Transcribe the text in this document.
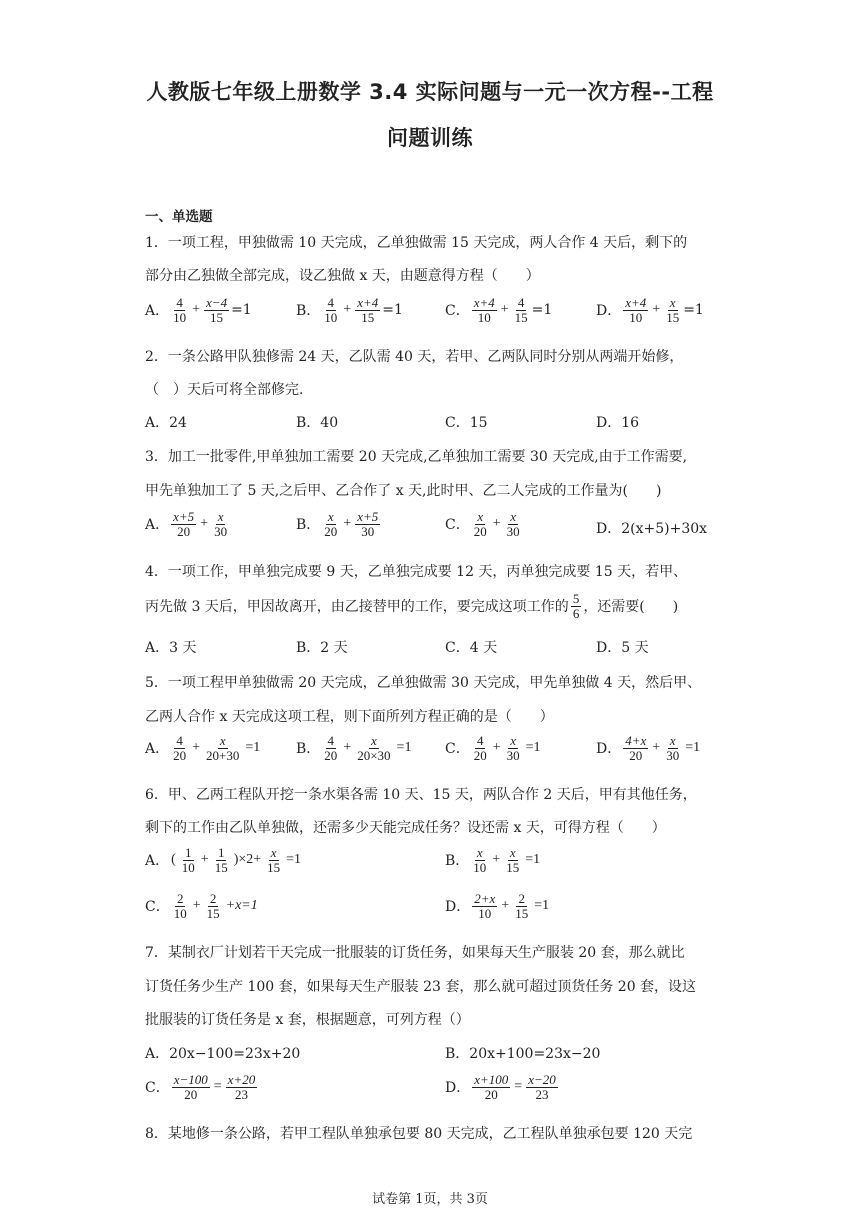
人教版七年级上册数学 3.4 实际问题与一元一次方程--工程
问题训练
一、单选题
1．一项工程，甲独做需 10 天完成，乙单独做需 15 天完成，两人合作 4 天后，剩下的
部分由乙独做全部完成，设乙独做 x 天，由题意得方程（　　）
A． $\frac{4}{10} + \frac{x-4}{15} =1$	B． $\frac{4}{10} + \frac{x+4}{15} =1$	C． $\frac{x+4}{10} + \frac{4}{15} =1$	D． $\frac{x+4}{10} + \frac{x}{15} =1$
2．一条公路甲队独修需 24 天，乙队需 40 天，若甲、乙两队同时分别从两端开始修，
（　）天后可将全部修完.
A．24	B．40	C．15	D．16
3．加工一批零件,甲单独加工需要 20 天完成,乙单独加工需要 30 天完成,由于工作需要,
甲先单独加工了 5 天,之后甲、乙合作了 x 天,此时甲、乙二人完成的工作量为(　　)
A． $\frac{x+5}{20} + \frac{x}{30}$	B． $\frac{x}{20} + \frac{x+5}{30}$	C． $\frac{x}{20} + \frac{x}{30}$	D．2(x+5)+30x
4．一项工作，甲单独完成要 9 天，乙单独完成要 12 天，丙单独完成要 15 天，若甲、
丙先做 3 天后，甲因故离开，由乙接替甲的工作，要完成这项工作的 $\frac{5}{6}$ ，还需要(　　)
A．3 天	B．2 天	C．4 天	D．5 天
5．一项工程甲单独做需 20 天完成，乙单独做需 30 天完成，甲先单独做 4 天，然后甲、
乙两人合作 x 天完成这项工程，则下面所列方程正确的是（　　）
A． $\frac{4}{20} + \frac{x}{20+30} =1$	B． $\frac{4}{20} + \frac{x}{20\times 30} =1$ C． $\frac{4}{20} + \frac{x}{30} =1$	D． $\frac{4+x}{20} + \frac{x}{30} =1$
6．甲、乙两工程队开挖一条水渠各需 10 天、15 天，两队合作 2 天后，甲有其他任务，
剩下的工作由乙队单独做，还需多少天能完成任务？设还需 x 天，可得方程（　　）
A． ( $\frac{1}{10} + \frac{1}{15} )\times 2+ \frac{x}{15} =1$	B． $\frac{x}{10} + \frac{x}{15} =1$
C． $\frac{2}{10} + \frac{2}{15} +x=1$	D． $\frac{2+x}{10} + \frac{2}{15} =1$
7．某制衣厂计划若干天完成一批服装的订货任务，如果每天生产服装 20 套，那么就比
订货任务少生产 100 套，如果每天生产服装 23 套，那么就可超过顶货任务 20 套，设这
批服装的订货任务是 x 套，根据题意，可列方程（）
A．20x−100=23x+20	B．20x+100=23x−20
C． $\frac{x-100}{20} = \frac{x+20}{23}$	D． $\frac{x+100}{20} = \frac{x-20}{23}$
8．某地修一条公路，若甲工程队单独承包要 80 天完成，乙工程队单独承包要 120 天完
试卷第 1页，共 3页
